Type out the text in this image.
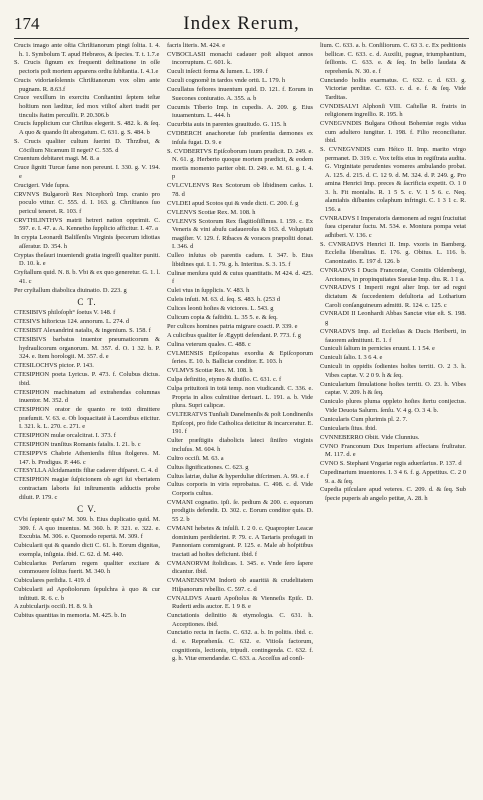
174	Index Rerum,
Crucis imago ante oſtia Chriſtianorum pingi ſolita. I. 4. h. 1. Symbolum T. apud Hebræos, & ſpecies. T. t. 1.7.e
S. Crucis ſignum ex frequenti deſtinatione in oſſe pectoris poſt mortem apparens ordiu ſubſtantia. I. 4.1.e
Crucis vidoriæſolennis Chriſtianorum vox olim ante pugnam. R. 8.63.f
Cruce vexillum in exercitu Conſtantini ſeptem teſtæ hoſtium non læditur, ſed mox viilioſ alteri tradit per tinculis ſtatim percuſſit. P. 20.306.b
Crucis ſupplicium cur Chriſtus elegerit. S. 482. k. & ſeq. A quo & quando ſit abrogatum. C. 631. g. S. 484. b
S. Crucis qualiter cultum ſuerint D. Thrzibut, & Cöcilium Nicænum II neget? C. 535. d
Cruentum debitaret magi. M. 8. a
Cruce ſigniti Turcæ fame non pereunt. I. 330. g. V. 194. e
Crucigeri. Vide ſupra.
CRVNVS Bulgarorũ Rex Nicephorũ Imp. cranio pro poculo vtitur. C. 555. d. I. 163. g. Chriſtianos ſuo pericul teneret. R. 103. f
CRVTHLINTHVS matrii hetreri nation opprimit. C. 597. e. I. 47. a. A. Kennetho ſupplicio afficitur. I. 47. a
In crypta Leonardi Baliſſenſis Virginis ſpecerum idiotias aſſeratur. D. 354. h
Cryptas theſauri inueniendi gratia ingreſſi qualiter puniti. D. 10. k. e
Cryſtallum quid. N. 8. b. Vbi & ex quo generetur. G. 1. l. 41. c
Per cryſtallum diabolica diuinatio. D. 223. g
C T.
CTESIBIVS philoſoph° ſoetus V. 148. f
CTESIVS hiſtoricus 124. annorum. L. 274. d
CTESIBIT Alexandrini natalis, & ingenium. S. 158. f
CTESIBIVS barbatus inuentor pneumaticorum & hydraulicorum organorum. M. 357. d. O. 1 32. b. P. 324. e. Item horologii. M. 357. d. e
CTESILOCHVS pictor. P. 143.
CTESIPHON poeta Lyricus. P. 473. f. Colubus dictus. ibid.
CTESIPHON machinatum ad extrahendas columnas inuentor. M. 352. d
CTESIPHON orator de quanto re totū dimittere præſumit. V. 63. e. Ob loquacitatē à Lacenibus eiicitur. I. 321. k. L. 270. c. 271. e
CTESIPHON mulæ orcalcitrat. I. 373. f
CTESIPHON tranſitus Romanis fatalis. I. 21. b. c
CTESIPPVS Chabrie Athenienſis filius ſtolgeres. M. 147. b. Prodigus. P. 446. c
CTESYLLA Alcidamantis filiæ cadaver diſparet. C. 4. d
CTESIPHON magiæ ſuſpicionem ob agri ſui vbertatem contractam laboris ſui inſtrumentis adductis probe diluit. P. 179. c
C V.
CVbi ſeptentr quis? M. 309. b. Eius duplicatio quid. M. 309. f. A quo inuentus. M. 360. b. P. 321. e. 322. e. Excubia. M. 306. e. Quomodo repertā. M. 309. f
Cubicularii qui & quando dicti C. 61. h. Eorum dignitas, exempla, inſignia. ibid. C. 62. d. M. 440.
Cubicularius Perſarum regem qualiter excitare & commouere ſolitus fuerit. M. 340. h
Cubiculares perſidia. I. 419. d
Cubicularii ad Apoſtolorum ſepulchra à quo & cur inſtituti. R. 6. c. b
A zubicularijs occiſi. H. 8. 9. h
Cubitus quantitas in memoria. M. 425. b. In
facris literis. M. 424. e
CVBOCLASII monachi cadauer poſt aliquot annos incorruptum. C. 601. k.
Cuculi inſecti forma & lumen. L. 199. f
Cuculi cognomẽ in tardos vnde ortū. L. 179. h
Cucullatus feſtores inuentum quid. D. 121. f. Eorum in Suecones coniuratio. A. 355. a. b
Cucumis Tiberio Imp. in cupedis. A. 209. g. Eius iuuamentum. L. 444. h
Cucurbita auis in parentes grauitudo. G. 115. h
CVDBERCH anachoretæ ſub præſentia dæmones ex inſula fugat. D. 9. e
S. CVDBERTVS Epiſcoborum iuum prudicit. D. 249. e. N. 61. g. Herberto quoque mortem prædicit, & eodem mortis momento pariter obit. D. 249. e. M. 61. g. I. 4. p
CVLCVLENVS Rex Scotorum ob libidinem cæſus. I. 78. d
CVLDEI apud Scotos qui & vnde dicti. C. 200. f. g
CVLENVS Scotiæ Rex. M. 108. h
CVLENVS Scotorum Rex flagitioſiſſimus. I. 159. c. Ex Veneris & vini abuſu cadaueroſus & 163. d. Voluptatū magiſter. V. 129. f. Ribaces & voraces præpoſiti donat. I. 346. d
Culleo inſutus ob parentis cadum. I. 347. b. Eius libidines qui. I. 1. 79. g. h. Interitus. S. 3. 15. f
Culinæ menſura quid & cuius quantitatis. M 424. d. 425. f
Culei vtus in ſupplicis. V. 483. h
Culeis inſuti. M. 63. d. ſeq. S. 483. h. (253 d
Culices leonū hoſtes & victores. L. 543. g
Culicum copia & faſtidiū. L. 35 5. e. & ſeq.
Per culices homines patria migrare coacti. P. 339. e
A culicibus qualiter ſe Ægypti defendant. P. 773. f. g
Culina veterum quales. C. 488. c
CVLMENSIS Epiſcopatus exordia & Epiſcoporum ſeries. E. 10. b. Balliciæ conditor. E. 103. h
CVLMVS Scotiæ Rex. M. 108. h
Culpa definitio, etymo & diuiſio. C. 631. c. f
Culpa prituitorā in totā temp. non viudicandi. C. 336. e. Propria in alios culmiiiue deriuari. L. 191. a. b. Vide plura. Supri calipcæ.
CVLTERATVS Tunſtali Danelmenſis & poſt Londinenſis Epiſcopi, pro fide Catholica deiicitur & incarceratur. E. 191. f
Culter præſtigiis diabolicis lateci ſiniſtro virginis incluſus. M. 604. h
Cultro occiſi. M. 63. a
Cultus ſignificationes. C. 623. g
Cultus latriæ, duliæ & hyperduliæ diſcrimen. A. 99. e. f
Cultus corporis in viris reprobatus. C. 498. c. d. Vide Corporis cultus.
CVMANI cognatio. ipſi. ſe. pedium & 200. c. equorum prodigiis defendit. D. 302. c. Eorum conditor quis. D. 55 2. b
CVMANI hebetes & inſulſi. I. 2 0. c. Quapropter Leacæ dominium perdiderint. P. 79. c. A Tartaris profugati in Pannoniam commigrant. P. 125. e. Male ab hoſpitibus tractati ad hoſtes deficiunt. ibid. f
CVMANORVM ſtolidicas. I. 345. e. Vnde ſero ſapere dicantur. ibid.
CVMANENSIVM Indorū ob auaritiā & crudelitatem Hiſpanorum rebellio. C. 597. c. d
CVNALDVS Auarū Apoſtolus & Vienneſis Epiſc. D. Ruderti ædis auctor. E. 1 9 8. e
Cunctationis deſinitio & etymologia. C. 631. h. Acceptiones. ibid.
Cunctatio recta in factis. C. 632. a. b. In politis. ibid. c. d. e. Repræhenſa. C. 632. e. Vitioſa factorum, cognitionis, lectionis, tripudi. contingenda. C. 632. f. g. h. Vitæ emendandæ. C. 633. a. Acceſſus ad conſi-
lium. C. 633. a. b. Conſiliorum. C. 63 3. c. Ex peditionis bellicæ. C. 633. c. d. Auxilii, pugnæ, triumphantium, ſeſſionis. C. 633. e. & ſeq. In bello laudata & reprehenſa. N. 30. e. f
Cunctando hoſtis exarmatus. C. 632. c. d. 633. g. Victoriæ perditæ. C. 633. c. d. e. f. & ſeq. Vide Tarditas.
CVNDISALVI Alphonſi VIII. Caſtellæ R. fratris in religionem ingreſſio. R. 195. h
CVNEGVNDIS Bulgara Othoui Bohemiæ regis vidua cum adultero iungitur. I. 198. f. Filio reconciliatur. ibid.
S. CVNEGVNDIS cum Héico II. Imp. marito virgo permanet. D. 319. c. Vox teſtis eius in regiſtrata audita. G. Virginitate perudentes vomeres ambulando probat. A. 125. d. 215. d. C. 12 9. d. M. 324. d. P. 249. g. Pro amina Henrici Imp. preces & ſacrificia expetit. O. 1 0 3. h. Fit monialis. R. 1 5 5. c. V. 1 5 6. c. Neq. alamiahis diſbantes colaphum infringit. C. 1 3 1 c. R. 156. a
CVNRADVS I Imperatoris dæmonem ad regni ſruciuitat ſuea ciperatur ſuctu. M. 534. e. Montura pompa vetat adhiberi. V. 136. c
S. CVNRADVS Henrici II. Imp. vxoris in Bamberg. Eccleſia liberalitas. E. 176. g. Obitus. L. 116. b. Canonizatio. E. 197 d. 126. b
CVNRADVS I Ducis Franconiæ, Comitis Oldembergi, Arctomes, in propinquitates Sueuiæ Imp. diu. R. 1 1 a.
CVNRADVS I Imperii regni alter Imp. ter ad regni dictatum & ſuccedentem deſultoria ad Lotharium Caroli conſanguineum admitti. R. 124. c. 125. c
CVNRADI II Leonhardi Abbas Sanctæ vitæ eſt. S. 198. g
CVNRADVS Imp. ad Eccleſias & Ducis Heriberti, in fauorem admittunt. E. 1. f
Cuniculi ſalium in pernicies eruunt. I. 1 54. e
Cuniculi ſalio. I. 3 6 4. e
Cuniculi in oppidis ſodientes hoſtes territi. O. 2 3. h. Vibes captæ. V. 2 0 9. h & ſeq.
Cunicularium ſimulatione hoſtes territi. O. 23. h. Vibes captæ. V. 209. h & ſeq.
Cuniculo plures pluma oppleto hoſtes ſtertu conijectus. Vide Deuota Salurm. ſenſu. V. 4 g. O. 3 4. b.
Cunicularis Cum plurimis pl. 2. 7.
Cunicularis ſitus. ibid.
CVNNEBERRO Obiit. Vide Clunnius.
CVNO Franconum Dux Imperium affectans fruſtratur. M. 117. d. e
CVNO S. Stephani Vngariæ regis aduerſarius. P. 137. d
Cupedinarium inuentores. I. 3 4 6. f. g. Appetitus. C. 2 0 9. a. & ſeq.
Cupedia piſculare apud veteres. C. 209. d. & ſeq. Sub ſpecie puperis ab angelo petitæ, A. 28. h
